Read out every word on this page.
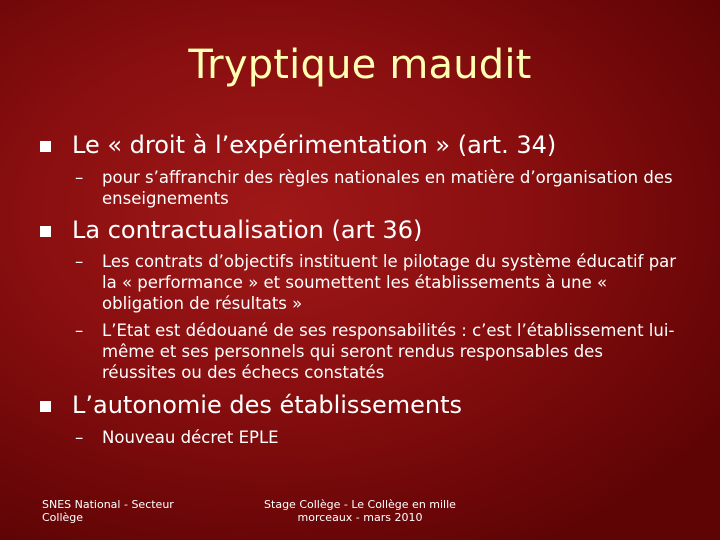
Tryptique maudit
Le « droit à l’expérimentation » (art. 34)
– pour s’affranchir des règles nationales en matière d’organisation des enseignements
La contractualisation (art 36)
– Les contrats d’objectifs instituent le pilotage du système éducatif par la « performance » et soumettent les établissements à une « obligation de résultats »
– L’Etat est dédouané de ses responsabilités : c’est l’établissement lui-même et ses personnels qui seront rendus responsables des réussites ou des échecs constatés
L’autonomie des établissements
– Nouveau décret EPLE
SNES National - Secteur Collège
Stage Collège - Le Collège en mille morceaux - mars 2010
